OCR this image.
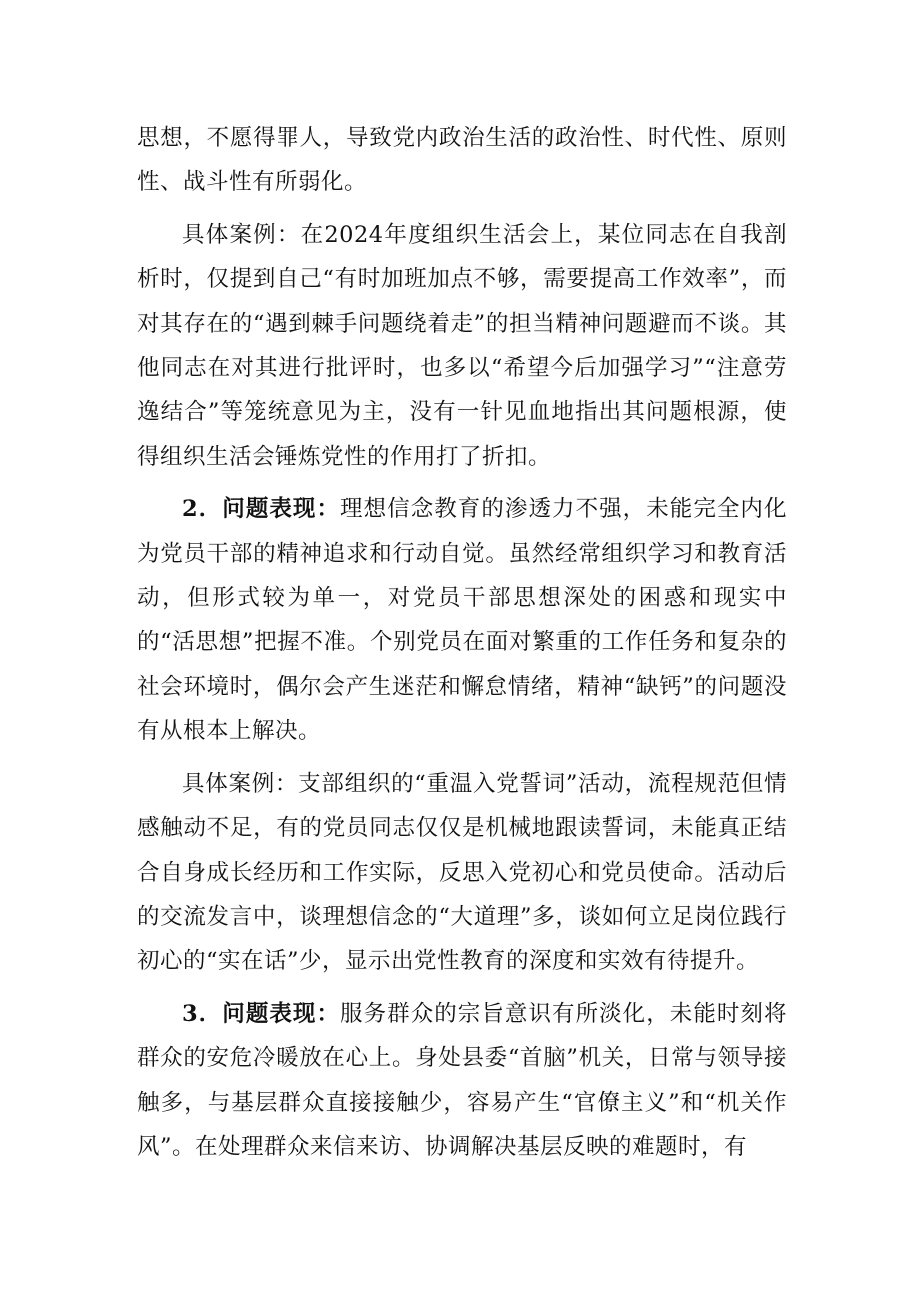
思想，不愿得罪人，导致党内政治生活的政治性、时代性、原则性、战斗性有所弱化。

具体案例：在2024年度组织生活会上，某位同志在自我剖析时，仅提到自己“有时加班加点不够，需要提高工作效率”，而对其存在的“遇到棘手问题绕着走”的担当精神问题避而不谈。其他同志在对其进行批评时，也多以“希望今后加强学习”“注意劳逸结合”等笼统意见为主，没有一针见血地指出其问题根源，使得组织生活会锤炼党性的作用打了折扣。

2．问题表现：理想信念教育的渗透力不强，未能完全内化为党员干部的精神追求和行动自觉。虽然经常组织学习和教育活动，但形式较为单一，对党员干部思想深处的困惑和现实中的“活思想”把握不准。个别党员在面对繁重的工作任务和复杂的社会环境时，偶尔会产生迷茫和懈怠情绪，精神“缺钙”的问题没有从根本上解决。

具体案例：支部组织的“重温入党誓词”活动，流程规范但情感触动不足，有的党员同志仅仅是机械地跟读誓词，未能真正结合自身成长经历和工作实际，反思入党初心和党员使命。活动后的交流发言中，谈理想信念的“大道理”多，谈如何立足岗位践行初心的“实在话”少，显示出党性教育的深度和实效有待提升。

3．问题表现：服务群众的宗旨意识有所淡化，未能时刻将群众的安危冷暖放在心上。身处县委“首脑”机关，日常与领导接触多，与基层群众直接接触少，容易产生“官僚主义”和“机关作风”。在处理群众来信来访、协调解决基层反映的难题时，有
